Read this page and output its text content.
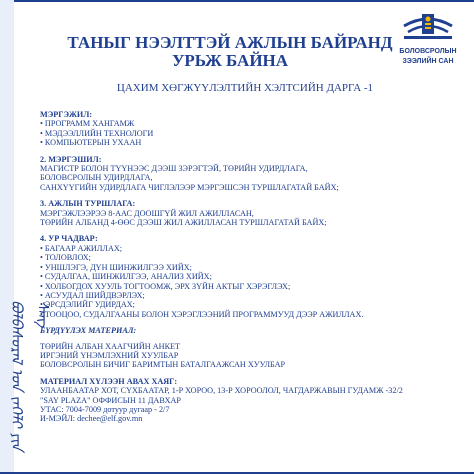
ᠪᠣᠯᠪᠠᠰᠤᠷᠠᠯ ᠤᠨ ᠵᠡᠭᠡᠯᠢ ᠶᠢᠨ ᠰᠠᠩ
БОЛОВСРОЛЫН
ЗЭЭЛИЙН САН
ТАНЫГ НЭЭЛТТЭЙ АЖЛЫН БАЙРАНД
УРЬЖ БАЙНА
ЦАХИМ ХӨГЖҮҮЛЭЛТИЙН ХЭЛТСИЙН ДАРГА -1
МЭРГЭЖИЛ:
• ПРОГРАММ ХАНГАМЖ
• МЭДЭЭЛЛИЙН ТЕХНОЛОГИ
• КОМПЬЮТЕРЫН УХААН
2. МЭРГЭШИЛ:
МАГИСТР БОЛОН ТҮҮНЭЭС ДЭЭШ ЗЭРЭГТЭЙ, ТӨРИЙН УДИРДЛАГА,
БОЛОВСРОЛЫН УДИРДЛАГА,
САНХҮҮГИЙН УДИРДЛАГА ЧИГЛЭЛЭЭР МЭРГЭШСЭН ТУРШЛАГАТАЙ БАЙХ;
3. АЖЛЫН ТУРШЛАГА:
МЭРГЭЖЛЭЭРЭЭ 8-ААС ДООШГҮЙ ЖИЛ АЖИЛЛАСАН,
ТӨРИЙН АЛБАНД 4-ӨӨС ДЭЭШ ЖИЛ АЖИЛЛАСАН ТУРШЛАГАТАЙ БАЙХ;
4. УР ЧАДВАР:
• БАГААР АЖИЛЛАХ;
• ТОЛОВЛОХ;
• УНШЛЭГЭ, ДҮН ШИНЖИЛГЭЭ ХИЙХ;
• СУДАЛГАА, ШИНЖИЛГЭЭ, АНАЛИЗ ХИЙХ;
• ХОЛБОГДОХ ХУУЛЬ ТОГТООМЖ, ЭРХ ЗҮЙН АКТЫГ ХЭРЭГЛЭХ;
• АСУУДАЛ ШИЙДВЭРЛЭХ;
• ЭРСДЭЛИЙГ УДИРДАХ;
• ТООЦОО, СУДАЛГААНЫ БОЛОН ХЭРЭГЛЭЭНИЙ ПРОГРАММУУД ДЭЭР АЖИЛЛАХ.
БҮРДҮҮЛЭХ МАТЕРИАЛ:
ТӨРИЙН АЛБАН ХААГЧИЙН АНКЕТ
ИРГЭНИЙ ҮНЭМЛЭХНИЙ ХУУЛБАР
БОЛОВСРОЛЫН БИЧИГ БАРИМТЫН БАТАЛГААЖСАН ХУУЛБАР
МАТЕРИАЛ ХҮЛЭЭН АВАХ ХАЯГ:
УЛААНБААТАР ХОТ, СҮХБААТАР, 1-Р ХОРОО, 13-Р ХОРООЛОЛ, ЧАГДАРЖАВЫН ГУДАМЖ -32/2
"SAY PLAZA" ОФФИСЫН 11 ДАВХАР
УТАС: 7004-7009 дотуур дугаар - 2/7
И-МЭЙЛ: dechee@elf.gov.mn
